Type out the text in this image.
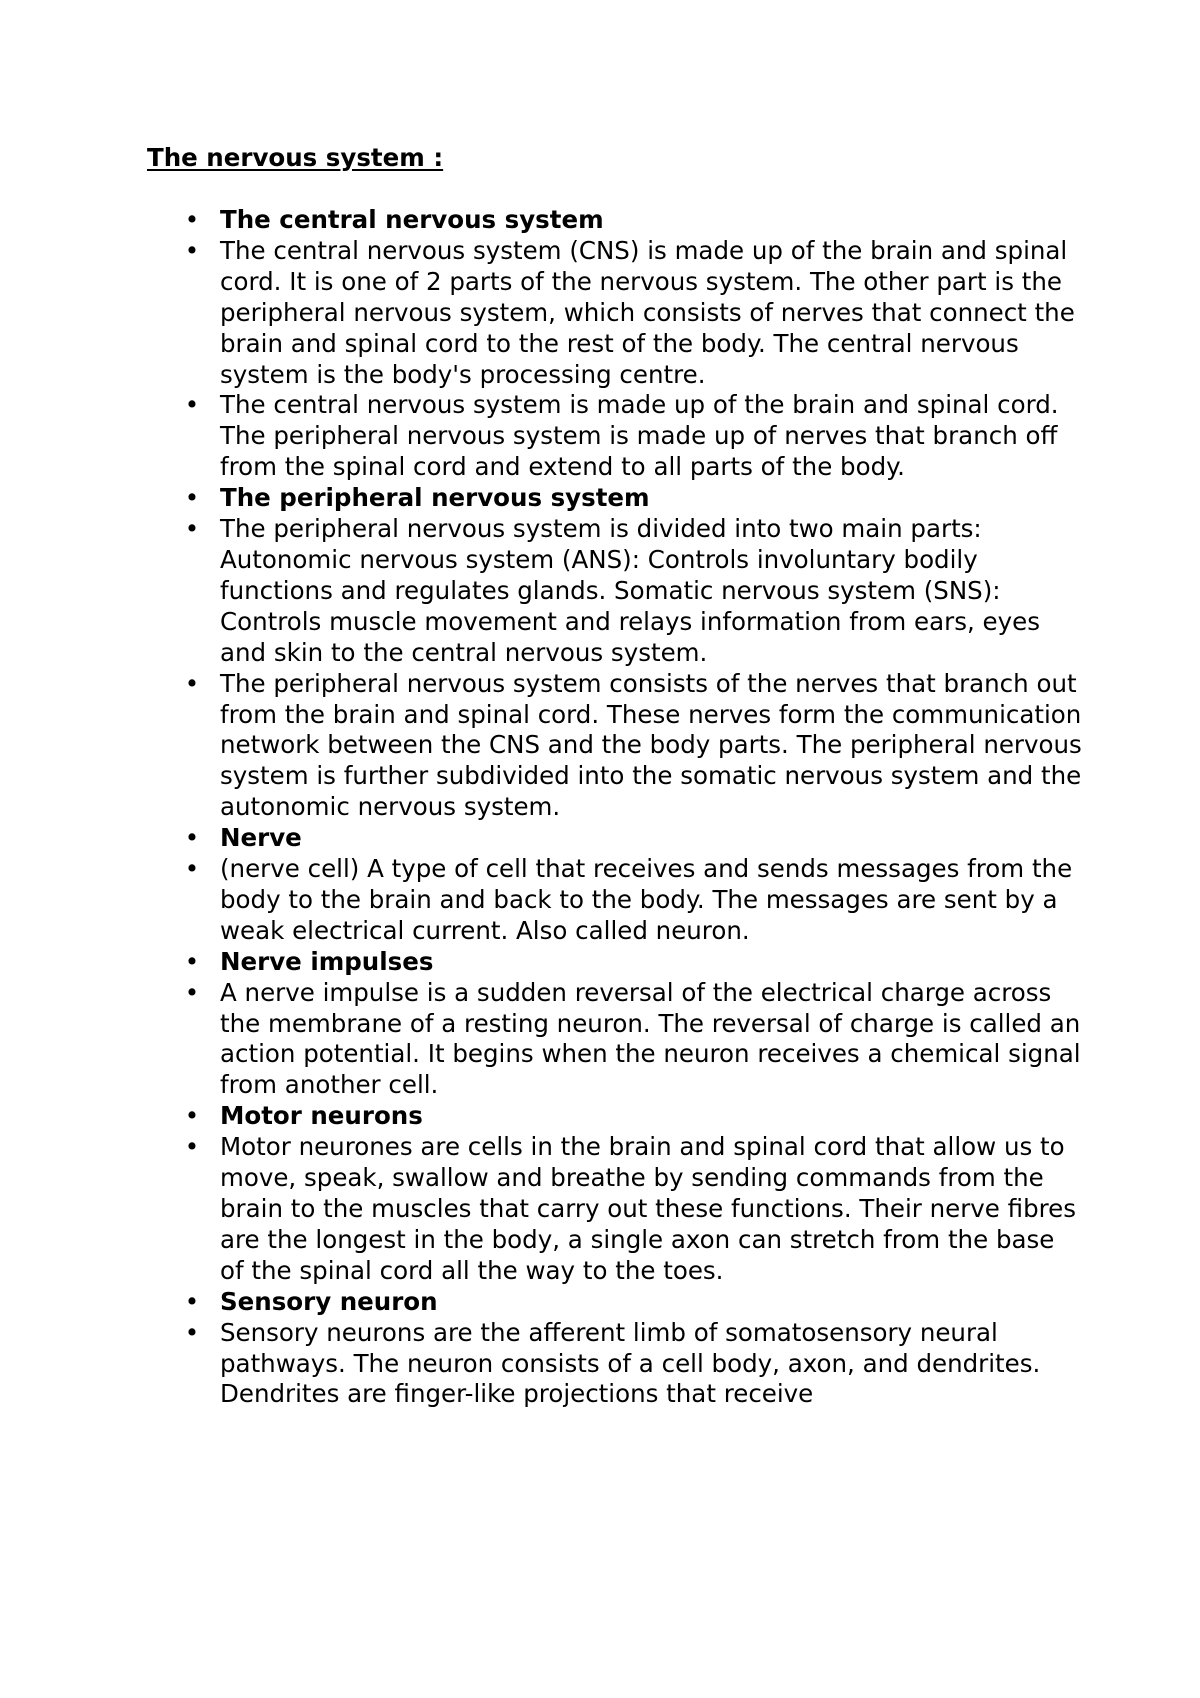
The nervous system :
• The central nervous system
• The central nervous system (CNS) is made up of the brain and spinal cord. It is one of 2 parts of the nervous system. The other part is the peripheral nervous system, which consists of nerves that connect the brain and spinal cord to the rest of the body. The central nervous system is the body's processing centre.
• The central nervous system is made up of the brain and spinal cord. The peripheral nervous system is made up of nerves that branch off from the spinal cord and extend to all parts of the body.
• The peripheral nervous system
• The peripheral nervous system is divided into two main parts: Autonomic nervous system (ANS): Controls involuntary bodily functions and regulates glands. Somatic nervous system (SNS): Controls muscle movement and relays information from ears, eyes and skin to the central nervous system.
• The peripheral nervous system consists of the nerves that branch out from the brain and spinal cord. These nerves form the communication network between the CNS and the body parts. The peripheral nervous system is further subdivided into the somatic nervous system and the autonomic nervous system.
• Nerve
• (nerve cell) A type of cell that receives and sends messages from the body to the brain and back to the body. The messages are sent by a weak electrical current. Also called neuron.
• Nerve impulses
• A nerve impulse is a sudden reversal of the electrical charge across the membrane of a resting neuron. The reversal of charge is called an action potential. It begins when the neuron receives a chemical signal from another cell.
• Motor neurons
• Motor neurones are cells in the brain and spinal cord that allow us to move, speak, swallow and breathe by sending commands from the brain to the muscles that carry out these functions. Their nerve fibres are the longest in the body, a single axon can stretch from the base of the spinal cord all the way to the toes.
• Sensory neuron
• Sensory neurons are the afferent limb of somatosensory neural pathways. The neuron consists of a cell body, axon, and dendrites. Dendrites are finger-like projections that receive
